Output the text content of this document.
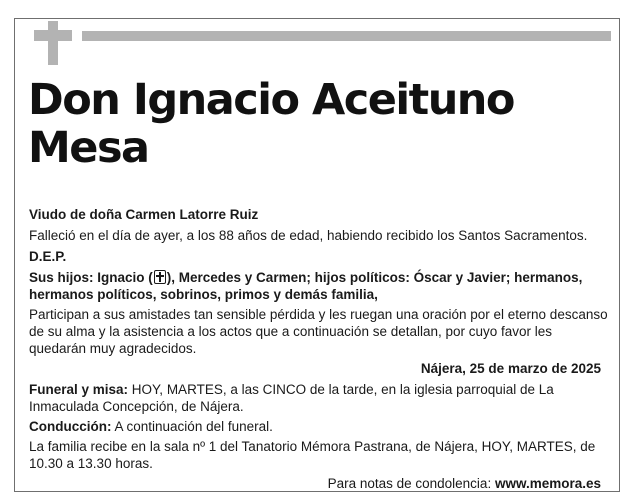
Don Ignacio Aceituno
Mesa
Viudo de doña Carmen Latorre Ruiz
Falleció en el día de ayer, a los 88 años de edad, habiendo recibido los Santos Sacramentos.
D.E.P.
Sus hijos: Ignacio ( ), Mercedes y Carmen; hijos políticos: Óscar y Javier; hermanos, hermanos políticos, sobrinos, primos y demás familia,
Participan a sus amistades tan sensible pérdida y les ruegan una oración por el eterno descanso de su alma y la asistencia a los actos que a continuación se detallan, por cuyo favor les quedarán muy agradecidos.
Nájera, 25 de marzo de 2025
Funeral y misa: HOY, MARTES, a las CINCO de la tarde, en la iglesia parroquial de La Inmaculada Concepción, de Nájera.
Conducción: A continuación del funeral.
La familia recibe en la sala nº 1 del Tanatorio Mémora Pastrana, de Nájera, HOY, MARTES, de 10.30 a 13.30 horas.
Para notas de condolencia: www.memora.es
